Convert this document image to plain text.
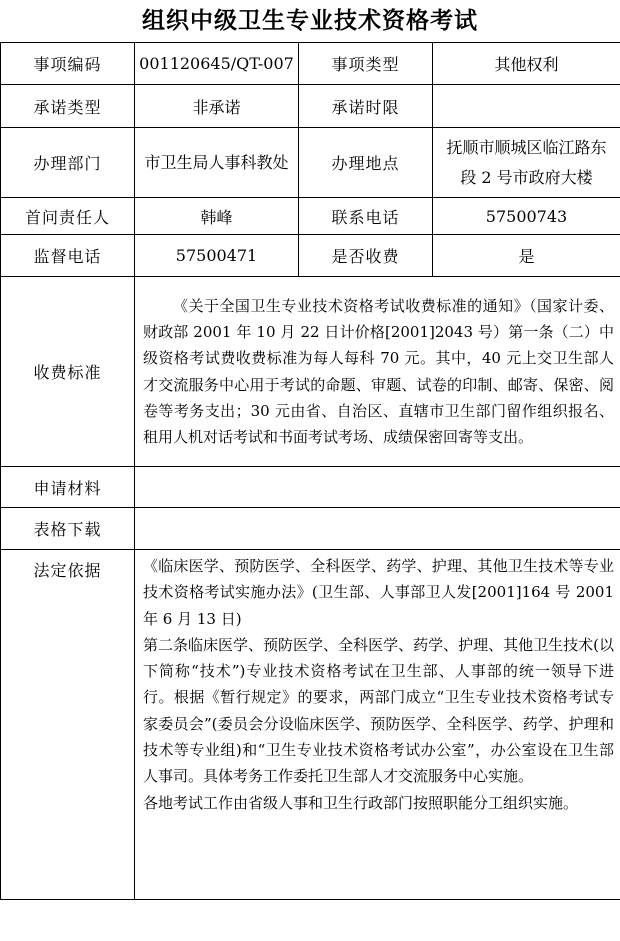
组织中级卫生专业技术资格考试
事项编码	001120645/QT-007	事项类型	其他权利
承诺类型	非承诺	承诺时限	
办理部门	市卫生局人事科教处	办理地点	抚顺市顺城区临江路东段 2 号市政府大楼
首问责任人	韩峰	联系电话	57500743
监督电话	57500471	是否收费	是
收费标准	《关于全国卫生专业技术资格考试收费标准的通知》（国家计委、财政部 2001 年 10 月 22 日计价格[2001]2043 号）第一条（二）中级资格考试费收费标准为每人每科 70 元。其中，40 元上交卫生部人才交流服务中心用于考试的命题、审题、试卷的印制、邮寄、保密、阅卷等考务支出；30 元由省、自治区、直辖市卫生部门留作组织报名、租用人机对话考试和书面考试考场、成绩保密回寄等支出。		

申请材料			
表格下载			
法定依据	《临床医学、预防医学、全科医学、药学、护理、其他卫生技术等专业技术资格考试实施办法》(卫生部、人事部卫人发[2001]164 号 2001 年 6 月 13 日)
第二条临床医学、预防医学、全科医学、药学、护理、其他卫生技术(以下简称“技术”)专业技术资格考试在卫生部、人事部的统一领导下进行。根据《暂行规定》的要求，两部门成立“卫生专业技术资格考试专家委员会”(委员会分设临床医学、预防医学、全科医学、药学、护理和技术等专业组)和“卫生专业技术资格考试办公室”，办公室设在卫生部人事司。具体考务工作委托卫生部人才交流服务中心实施。
各地考试工作由省级人事和卫生行政部门按照职能分工组织实施。		
